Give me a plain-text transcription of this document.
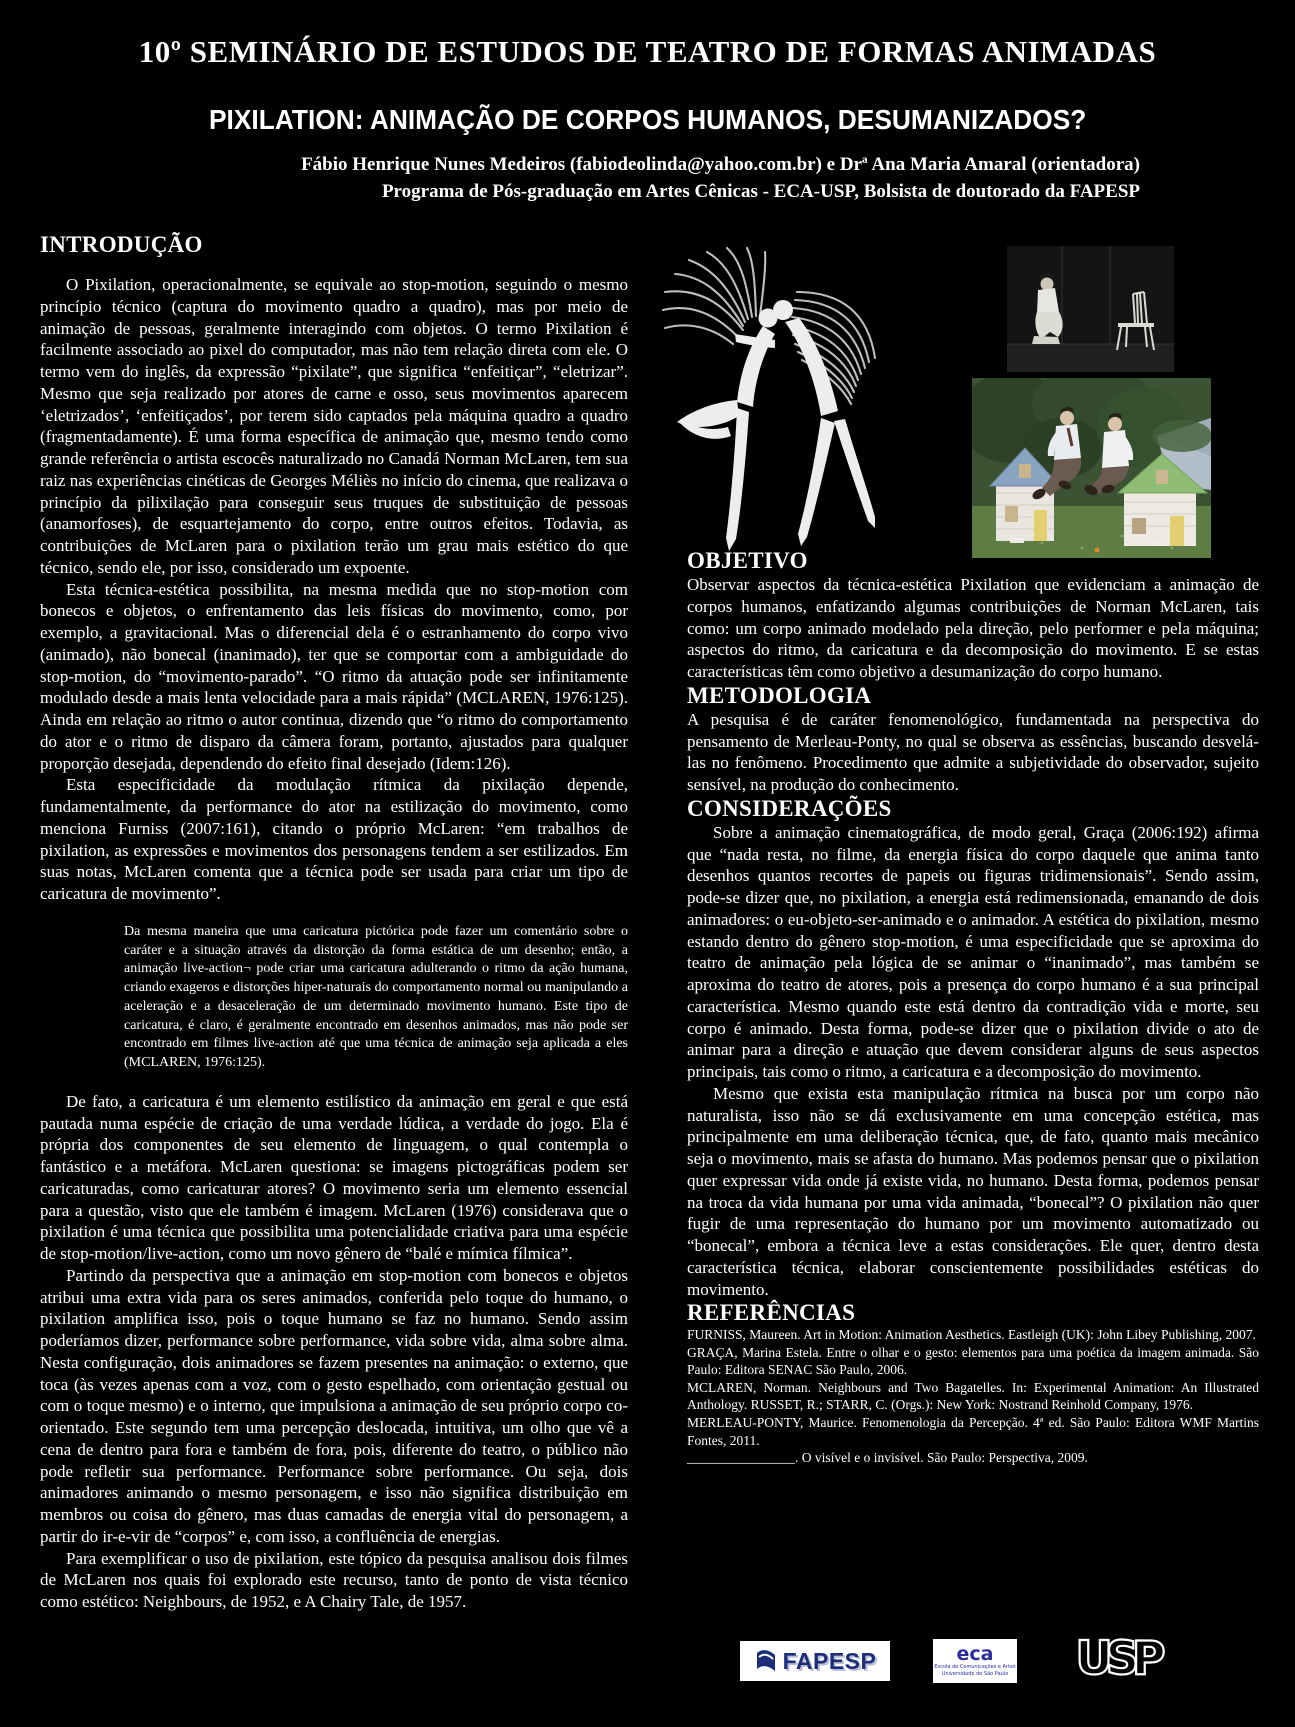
10º SEMINÁRIO DE ESTUDOS DE TEATRO DE FORMAS ANIMADAS
PIXILATION: ANIMAÇÃO DE CORPOS HUMANOS, DESUMANIZADOS?
Fábio Henrique Nunes Medeiros (fabiodeolinda@yahoo.com.br) e Drª Ana Maria Amaral (orientadora)
Programa de Pós-graduação em Artes Cênicas - ECA-USP, Bolsista de doutorado da FAPESP
INTRODUÇÃO

O Pixilation, operacionalmente, se equivale ao stop-motion, seguindo o mesmo princípio técnico (captura do movimento quadro a quadro), mas por meio de animação de pessoas, geralmente interagindo com objetos. O termo Pixilation é facilmente associado ao pixel do computador, mas não tem relação direta com ele. O termo vem do inglês, da expressão “pixilate”, que significa “enfeitiçar”, “eletrizar”. Mesmo que seja realizado por atores de carne e osso, seus movimentos aparecem ‘eletrizados’, ‘enfeitiçados’, por terem sido captados pela máquina quadro a quadro (fragmentadamente). É uma forma específica de animação que, mesmo tendo como grande referência o artista escocês naturalizado no Canadá Norman McLaren, tem sua raiz nas experiências cinéticas de Georges Méliès no início do cinema, que realizava o princípio da pilixilação para conseguir seus truques de substituição de pessoas (anamorfoses), de esquartejamento do corpo, entre outros efeitos. Todavia, as contribuições de McLaren para o pixilation terão um grau mais estético do que técnico, sendo ele, por isso, considerado um expoente.

Esta técnica-estética possibilita, na mesma medida que no stop-motion com bonecos e objetos, o enfrentamento das leis físicas do movimento, como, por exemplo, a gravitacional. Mas o diferencial dela é o estranhamento do corpo vivo (animado), não bonecal (inanimado), ter que se comportar com a ambiguidade do stop-motion, do “movimento-parado”. “O ritmo da atuação pode ser infinitamente modulado desde a mais lenta velocidade para a mais rápida” (MCLAREN, 1976:125). Ainda em relação ao ritmo o autor continua, dizendo que “o ritmo do comportamento do ator e o ritmo de disparo da câmera foram, portanto, ajustados para qualquer proporção desejada, dependendo do efeito final desejado (Idem:126).

Esta especificidade da modulação rítmica da pixilação depende, fundamentalmente, da performance do ator na estilização do movimento, como menciona Furniss (2007:161), citando o próprio McLaren: “em trabalhos de pixilation, as expressões e movimentos dos personagens tendem a ser estilizados. Em suas notas, McLaren comenta que a técnica pode ser usada para criar um tipo de caricatura de movimento”.

Da mesma maneira que uma caricatura pictórica pode fazer um comentário sobre o caráter e a situação através da distorção da forma estática de um desenho; então, a animação live-action¬ pode criar uma caricatura adulterando o ritmo da ação humana, criando exageros e distorções hiper-naturais do comportamento normal ou manipulando a aceleração e a desaceleração de um determinado movimento humano. Este tipo de caricatura, é claro, é geralmente encontrado em desenhos animados, mas não pode ser encontrado em filmes live-action até que uma técnica de animação seja aplicada a eles (MCLAREN, 1976:125).

De fato, a caricatura é um elemento estilístico da animação em geral e que está pautada numa espécie de criação de uma verdade lúdica, a verdade do jogo. Ela é própria dos componentes de seu elemento de linguagem, o qual contempla o fantástico e a metáfora. McLaren questiona: se imagens pictográficas podem ser caricaturadas, como caricaturar atores? O movimento seria um elemento essencial para a questão, visto que ele também é imagem. McLaren (1976) considerava que o pixilation é uma técnica que possibilita uma potencialidade criativa para uma espécie de stop-motion/live-action, como um novo gênero de “balé e mímica fílmica”.

Partindo da perspectiva que a animação em stop-motion com bonecos e objetos atribui uma extra vida para os seres animados, conferida pelo toque do humano, o pixilation amplifica isso, pois o toque humano se faz no humano. Sendo assim poderíamos dizer, performance sobre performance, vida sobre vida, alma sobre alma. Nesta configuração, dois animadores se fazem presentes na animação: o externo, que toca (às vezes apenas com a voz, com o gesto espelhado, com orientação gestual ou com o toque mesmo) e o interno, que impulsiona a animação de seu próprio corpo co-orientado. Este segundo tem uma percepção deslocada, intuitiva, um olho que vê a cena de dentro para fora e também de fora, pois, diferente do teatro, o público não pode refletir sua performance. Performance sobre performance. Ou seja, dois animadores animando o mesmo personagem, e isso não significa distribuição em membros ou coisa do gênero, mas duas camadas de energia vital do personagem, a partir do ir-e-vir de “corpos” e, com isso, a confluência de energias.

Para exemplificar o uso de pixilation, este tópico da pesquisa analisou dois filmes de McLaren nos quais foi explorado este recurso, tanto de ponto de vista técnico como estético: Neighbours, de 1952, e A Chairy Tale, de 1957.

OBJETIVO

Observar aspectos da técnica-estética Pixilation que evidenciam a animação de corpos humanos, enfatizando algumas contribuições de Norman McLaren, tais como: um corpo animado modelado pela direção, pelo performer e pela máquina; aspectos do ritmo, da caricatura e da decomposição do movimento. E se estas características têm como objetivo a desumanização do corpo humano.

METODOLOGIA

A pesquisa é de caráter fenomenológico, fundamentada na perspectiva do pensamento de Merleau-Ponty, no qual se observa as essências, buscando desvelá-las no fenômeno. Procedimento que admite a subjetividade do observador, sujeito sensível, na produção do conhecimento.

CONSIDERAÇÕES

Sobre a animação cinematográfica, de modo geral, Graça (2006:192) afirma que “nada resta, no filme, da energia física do corpo daquele que anima tanto desenhos quantos recortes de papeis ou figuras tridimensionais”. Sendo assim, pode-se dizer que, no pixilation, a energia está redimensionada, emanando de dois animadores: o eu-objeto-ser-animado e o animador. A estética do pixilation, mesmo estando dentro do gênero stop-motion, é uma especificidade que se aproxima do teatro de animação pela lógica de se animar o “inanimado”, mas também se aproxima do teatro de atores, pois a presença do corpo humano é a sua principal característica. Mesmo quando este está dentro da contradição vida e morte, seu corpo é animado. Desta forma, pode-se dizer que o pixilation divide o ato de animar para a direção e atuação que devem considerar alguns de seus aspectos principais, tais como o ritmo, a caricatura e a decomposição do movimento.

Mesmo que exista esta manipulação rítmica na busca por um corpo não naturalista, isso não se dá exclusivamente em uma concepção estética, mas principalmente em uma deliberação técnica, que, de fato, quanto mais mecânico seja o movimento, mais se afasta do humano. Mas podemos pensar que o pixilation quer expressar vida onde já existe vida, no humano. Desta forma, podemos pensar na troca da vida humana por uma vida animada, “bonecal”? O pixilation não quer fugir de uma representação do humano por um movimento automatizado ou “bonecal”, embora a técnica leve a estas considerações. Ele quer, dentro desta característica técnica, elaborar conscientemente possibilidades estéticas do movimento.

REFERÊNCIAS
FURNISS, Maureen. Art in Motion: Animation Aesthetics. Eastleigh (UK): John Libey Publishing, 2007.
GRAÇA, Marina Estela. Entre o olhar e o gesto: elementos para uma poética da imagem animada. São Paulo: Editora SENAC São Paulo, 2006.
MCLAREN, Norman. Neighbours and Two Bagatelles. In: Experimental Animation: An Illustrated Anthology. RUSSET, R.; STARR, C. (Orgs.): New York: Nostrand Reinhold Company, 1976.
MERLEAU-PONTY, Maurice. Fenomenologia da Percepção. 4ª ed. São Paulo: Editora WMF Martins Fontes, 2011.
________________. O visível e o invisível. São Paulo: Perspectiva, 2009.
FAPESP	eca
Escola de Comunicações e Artes
Universidade de São Paulo USP
